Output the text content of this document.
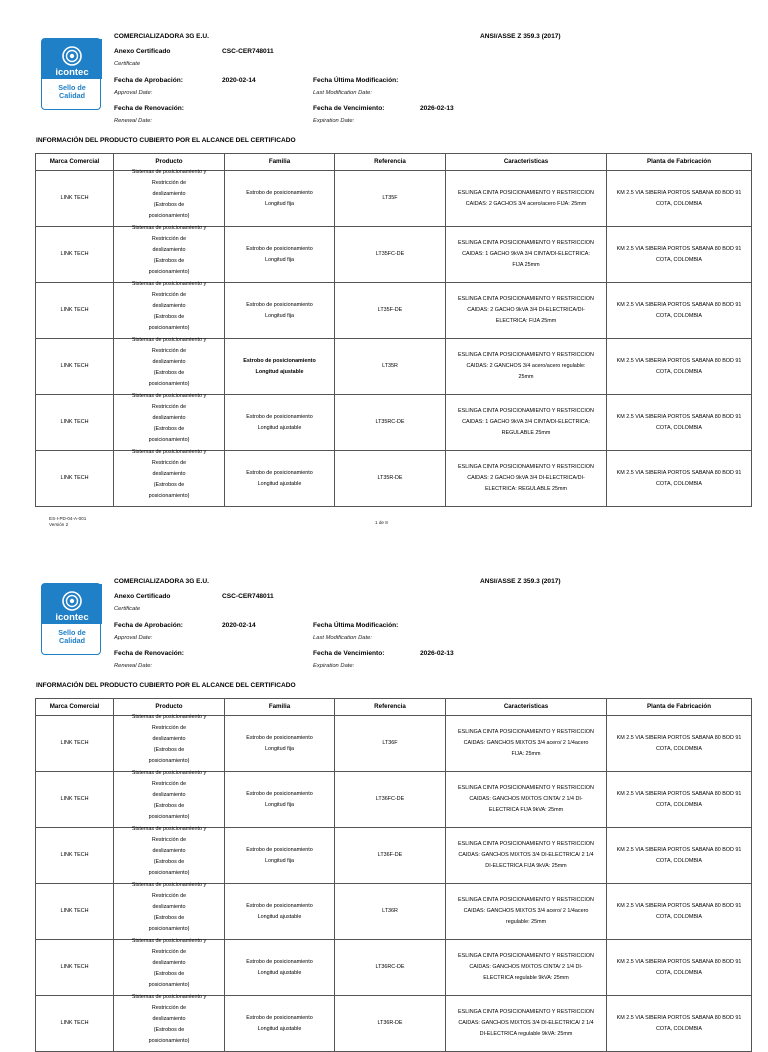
icontec
Sello de
Calidad
COMERCIALIZADORA 3G E.U.	ANSI/ASSE Z 359.3 (2017)
Anexo Certificado	CSC-CER748011
Certificate
Fecha de Aprobación:	2020-02-14
Approval Date:
Fecha Última Modificación:
Last Modification Date:
Fecha de Renovación:
Renewal Date:
Fecha de Vencimiento:	2026-02-13
Expiration Date:
INFORMACIÓN DEL PRODUCTO CUBIERTO POR EL ALCANCE DEL CERTIFICADO
Marca Comercial	Producto	Familia	Referencia	Caracteristicas	Planta de Fabricación
LINK TECH	Sistemas de posicionamiento y
Restricción de
deslizamiento
(Estrobos de
posicionamiento)	Estrobo de posicionamiento
Longitud fija	LT35F	ESLINGA CINTA POSICIONAMIENTO Y RESTRICCION
CAIDAS: 2 GACHOS 3/4 acero/acero FIJA: 25mm	KM 2.5 VIA SIBERIA PORTOS SABANA 80 BOD 91
COTA, COLOMBIA
LINK TECH	Sistemas de posicionamiento y
Restricción de
deslizamiento
(Estrobos de
posicionamiento)	Estrobo de posicionamiento
Longitud fija	LT35FC-DE	ESLINGA CINTA POSICIONAMIENTO Y RESTRICCION
CAIDAS: 1 GACHO 9kVA 3/4 CINTA/DI-ELECTRICA:
FIJA 25mm	KM 2.5 VIA SIBERIA PORTOS SABANA 80 BOD 91
COTA, COLOMBIA
LINK TECH	Sistemas de posicionamiento y
Restricción de
deslizamiento
(Estrobos de
posicionamiento)	Estrobo de posicionamiento
Longitud fija	LT35F-DE	ESLINGA CINTA POSICIONAMIENTO Y RESTRICCION
CAIDAS: 2 GACHO 9kVA 3/4 DI-ELECTRICA/DI-
ELECTRICA: FIJA 25mm	KM 2.5 VIA SIBERIA PORTOS SABANA 80 BOD 91
COTA, COLOMBIA
LINK TECH	Sistemas de posicionamiento y
Restricción de
deslizamiento
(Estrobos de
posicionamiento)	Estrobo de posicionamiento
Longitud ajustable	LT35R	ESLINGA CINTA POSICIONAMIENTO Y RESTRICCION
CAIDAS: 2 GANCHOS 3/4 acero/acero regulable:
25mm	KM 2.5 VIA SIBERIA PORTOS SABANA 80 BOD 91
COTA, COLOMBIA
LINK TECH	Sistemas de posicionamiento y
Restricción de
deslizamiento
(Estrobos de
posicionamiento)	Estrobo de posicionamiento
Longitud ajustable	LT35RC-DE	ESLINGA CINTA POSICIONAMIENTO Y RESTRICCION
CAIDAS: 1 GACHO 9kVA 3/4 CINTA/DI-ELECTRICA:
REGULABLE 25mm	KM 2.5 VIA SIBERIA PORTOS SABANA 80 BOD 91
COTA, COLOMBIA
LINK TECH	Sistemas de posicionamiento y
Restricción de
deslizamiento
(Estrobos de
posicionamiento)	Estrobo de posicionamiento
Longitud ajustable	LT35R-DE	ESLINGA CINTA POSICIONAMIENTO Y RESTRICCION
CAIDAS: 2 GACHO 9kVA 3/4 DI-ELECTRICA/DI-
ELECTRICA: REGULABLE 25mm	KM 2.5 VIA SIBERIA PORTOS SABANA 80 BOD 91
COTA, COLOMBIA
ES-I-PD-04-A-001
Versión 2	1 de 8
icontec
Sello de
Calidad
COMERCIALIZADORA 3G E.U.	ANSI/ASSE Z 359.3 (2017)
Anexo Certificado	CSC-CER748011
Certificate
Fecha de Aprobación:	2020-02-14
Approval Date:
Fecha Última Modificación:
Last Modification Date:
Fecha de Renovación:
Renewal Date:
Fecha de Vencimiento:	2026-02-13
Expiration Date:
INFORMACIÓN DEL PRODUCTO CUBIERTO POR EL ALCANCE DEL CERTIFICADO
Marca Comercial	Producto	Familia	Referencia	Caracteristicas	Planta de Fabricación
LINK TECH	Sistemas de posicionamiento y
Restricción de
deslizamiento
(Estrobos de
posicionamiento)	Estrobo de posicionamiento
Longitud fija	LT36F	ESLINGA CINTA POSICIONAMIENTO Y RESTRICCION
CAIDAS: GANCHOS MIXTOS 3/4 acero/ 2 1/4acero
FIJA: 25mm	KM 2.5 VIA SIBERIA PORTOS SABANA 80 BOD 91
COTA, COLOMBIA
LINK TECH	Sistemas de posicionamiento y
Restricción de
deslizamiento
(Estrobos de
posicionamiento)	Estrobo de posicionamiento
Longitud fija	LT36FC-DE	ESLINGA CINTA POSICIONAMIENTO Y RESTRICCION
CAIDAS: GANCHOS MIXTOS CINTA/ 2 1/4 DI-
ELECTRICA FIJA 9kVA: 25mm	KM 2.5 VIA SIBERIA PORTOS SABANA 80 BOD 91
COTA, COLOMBIA
LINK TECH	Sistemas de posicionamiento y
Restricción de
deslizamiento
(Estrobos de
posicionamiento)	Estrobo de posicionamiento
Longitud fija	LT36F-DE	ESLINGA CINTA POSICIONAMIENTO Y RESTRICCION
CAIDAS: GANCHOS MIXTOS 3/4 DI-ELECTRICA/ 2 1/4
DI-ELECTRICA FIJA 9kVA: 25mm	KM 2.5 VIA SIBERIA PORTOS SABANA 80 BOD 91
COTA, COLOMBIA
LINK TECH	Sistemas de posicionamiento y
Restricción de
deslizamiento
(Estrobos de
posicionamiento)	Estrobo de posicionamiento
Longitud ajustable	LT36R	ESLINGA CINTA POSICIONAMIENTO Y RESTRICCION
CAIDAS: GANCHOS MIXTOS 3/4 acero/ 2 1/4acero
regulable: 25mm	KM 2.5 VIA SIBERIA PORTOS SABANA 80 BOD 91
COTA, COLOMBIA
LINK TECH	Sistemas de posicionamiento y
Restricción de
deslizamiento
(Estrobos de
posicionamiento)	Estrobo de posicionamiento
Longitud ajustable	LT36RC-DE	ESLINGA CINTA POSICIONAMIENTO Y RESTRICCION
CAIDAS: GANCHOS MIXTOS CINTA/ 2 1/4 DI-
ELECTRICA regulable 9kVA: 25mm	KM 2.5 VIA SIBERIA PORTOS SABANA 80 BOD 91
COTA, COLOMBIA
LINK TECH	Sistemas de posicionamiento y
Restricción de
deslizamiento
(Estrobos de
posicionamiento)	Estrobo de posicionamiento
Longitud ajustable	LT36R-DE	ESLINGA CINTA POSICIONAMIENTO Y RESTRICCION
CAIDAS: GANCHOS MIXTOS 3/4 DI-ELECTRICA/ 2 1/4
DI-ELECTRICA regulable 9kVA: 25mm	KM 2.5 VIA SIBERIA PORTOS SABANA 80 BOD 91
COTA, COLOMBIA
